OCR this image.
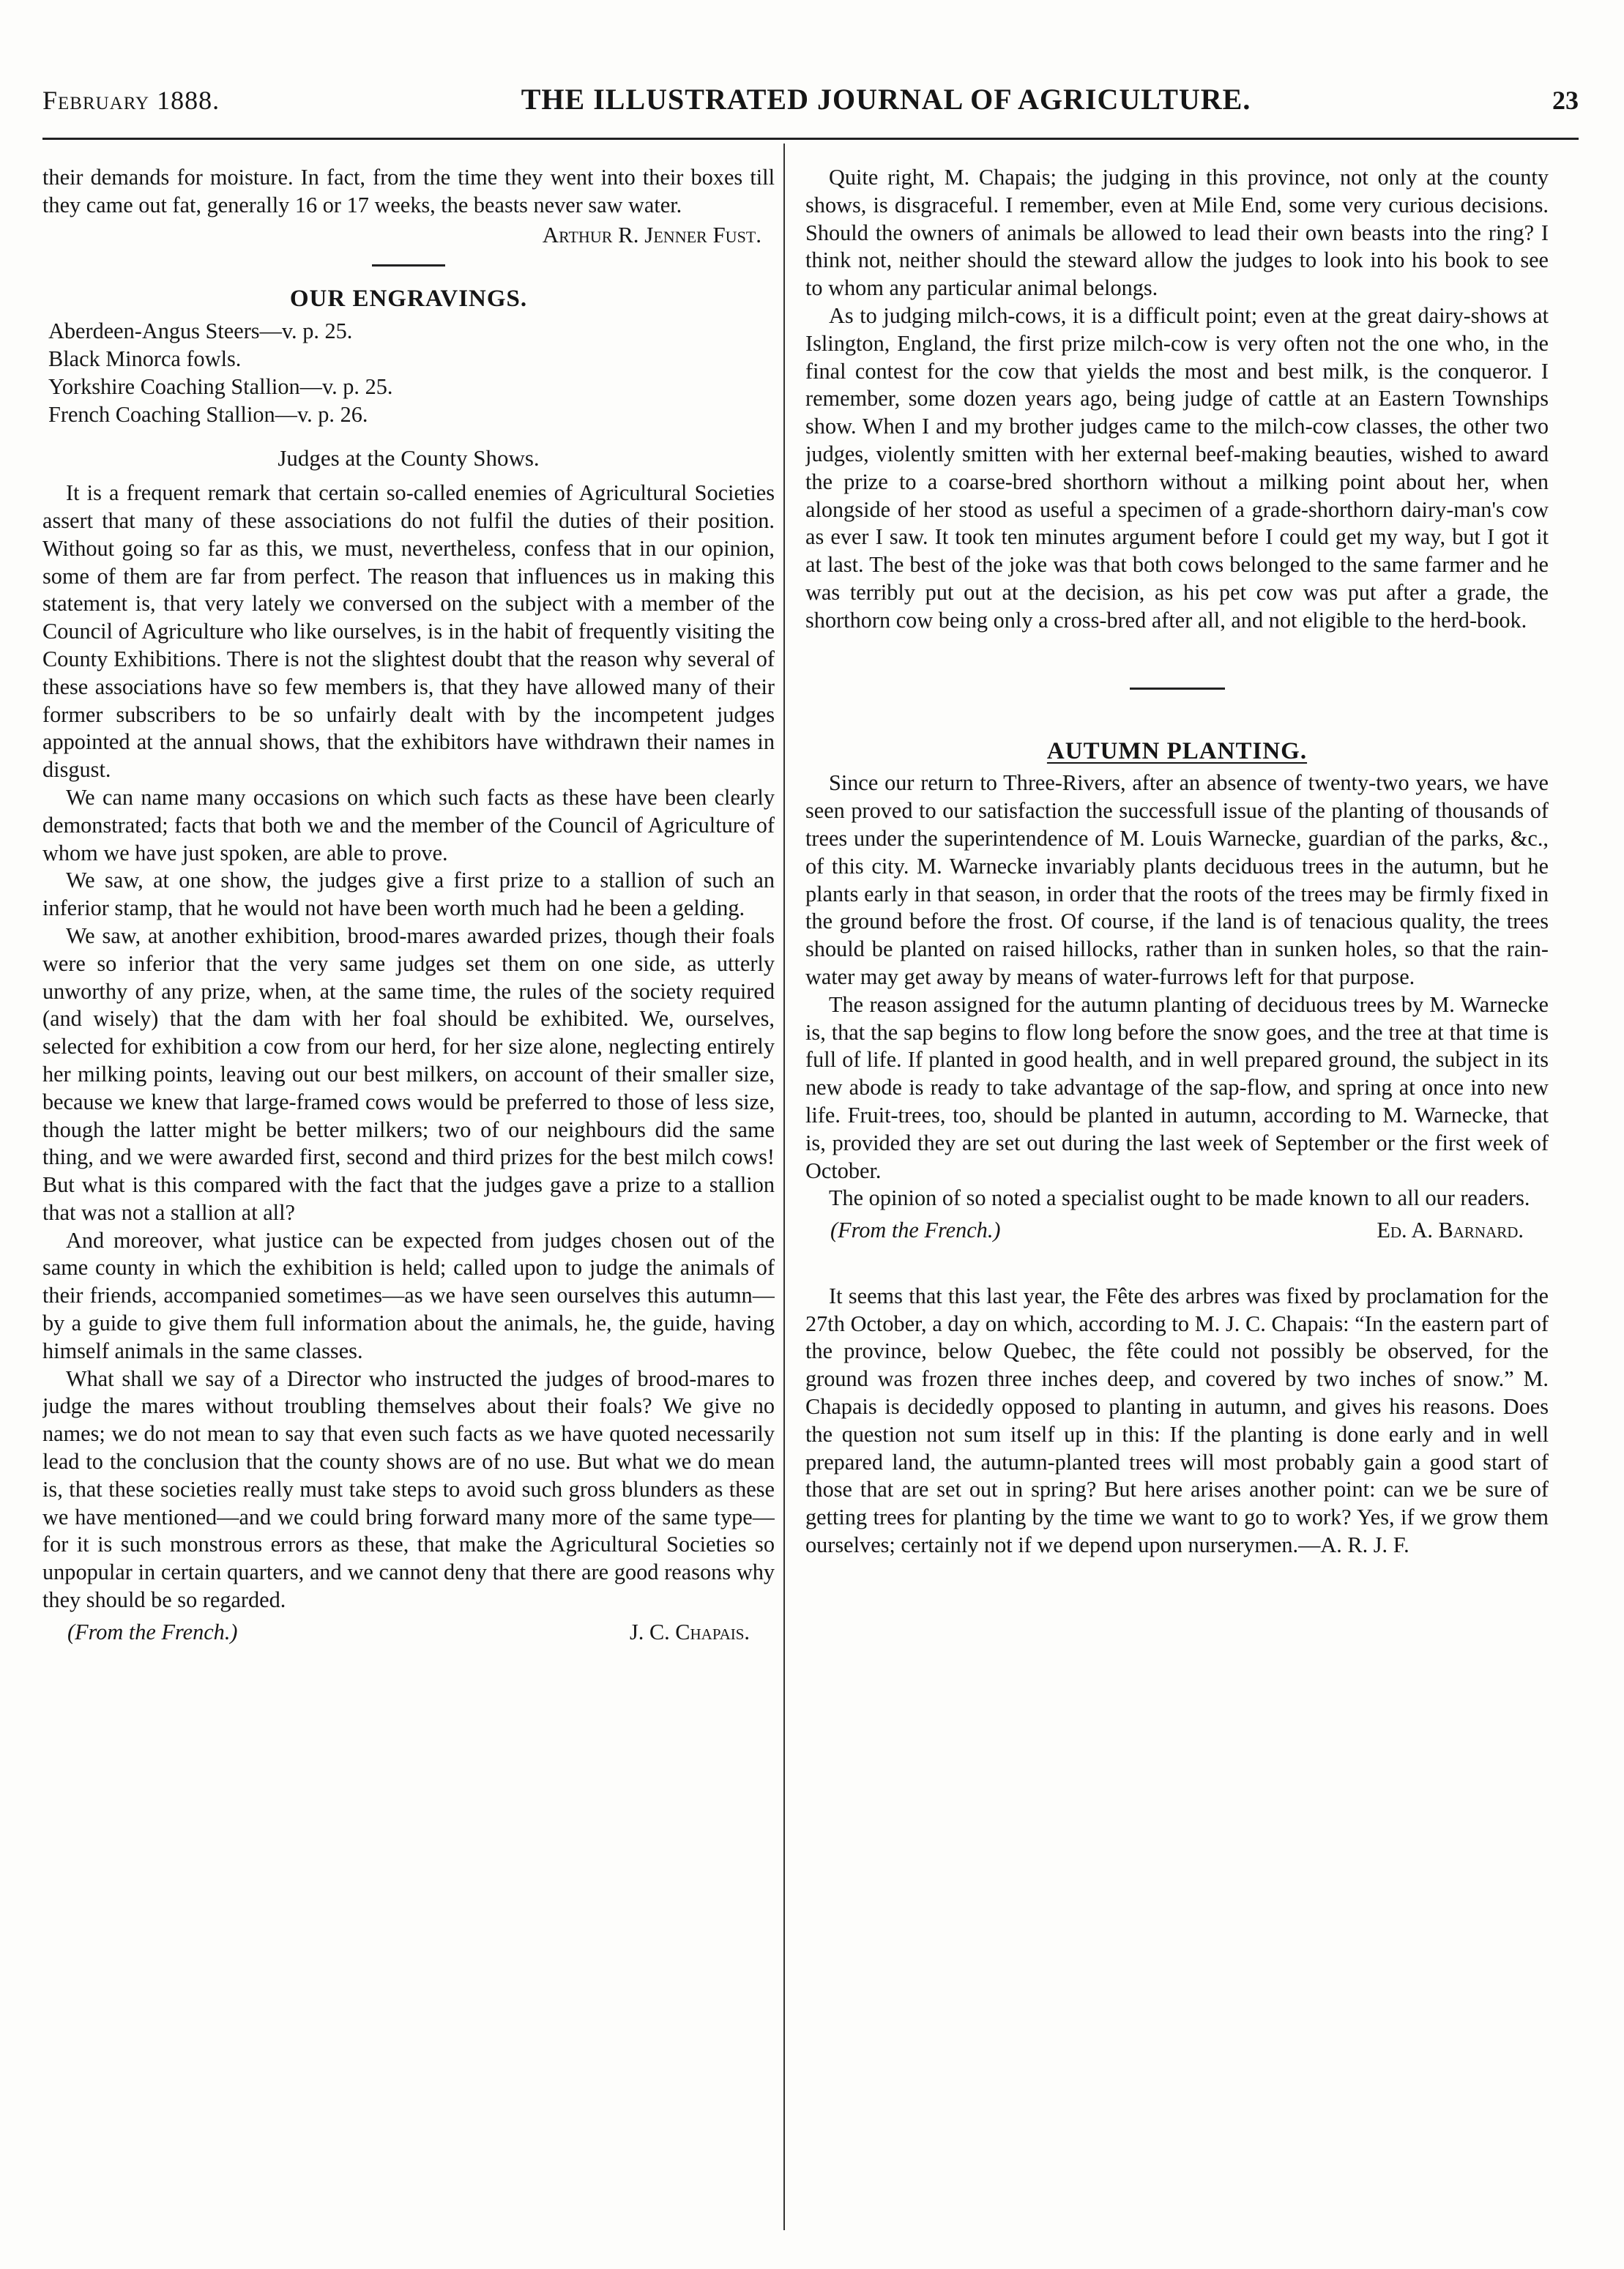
February 1888.	THE ILLUSTRATED JOURNAL OF AGRICULTURE.	23

their demands for moisture. In fact, from the time they went into their boxes till they came out fat, generally 16 or 17 weeks, the beasts never saw water.

Arthur R. Jenner Fust.
OUR ENGRAVINGS.
Aberdeen-Angus Steers—v. p. 25.
Black Minorca fowls.
Yorkshire Coaching Stallion—v. p. 25.
French Coaching Stallion—v. p. 26.
Judges at the County Shows.

It is a frequent remark that certain so-called enemies of Agricultural Societies assert that many of these associations do not fulfil the duties of their position. Without going so far as this, we must, nevertheless, confess that in our opinion, some of them are far from perfect. The reason that influences us in making this statement is, that very lately we conversed on the subject with a member of the Council of Agriculture who like ourselves, is in the habit of frequently visiting the County Exhibitions. There is not the slightest doubt that the reason why several of these associations have so few members is, that they have allowed many of their former subscribers to be so unfairly dealt with by the incompetent judges appointed at the annual shows, that the exhibitors have withdrawn their names in disgust.

We can name many occasions on which such facts as these have been clearly demonstrated; facts that both we and the member of the Council of Agriculture of whom we have just spoken, are able to prove.

We saw, at one show, the judges give a first prize to a stallion of such an inferior stamp, that he would not have been worth much had he been a gelding.

We saw, at another exhibition, brood-mares awarded prizes, though their foals were so inferior that the very same judges set them on one side, as utterly unworthy of any prize, when, at the same time, the rules of the society required (and wisely) that the dam with her foal should be exhibited. We, ourselves, selected for exhibition a cow from our herd, for her size alone, neglecting entirely her milking points, leaving out our best milkers, on account of their smaller size, because we knew that large-framed cows would be preferred to those of less size, though the latter might be better milkers; two of our neighbours did the same thing, and we were awarded first, second and third prizes for the best milch cows! But what is this compared with the fact that the judges gave a prize to a stallion that was not a stallion at all?

And moreover, what justice can be expected from judges chosen out of the same county in which the exhibition is held; called upon to judge the animals of their friends, accompanied sometimes—as we have seen ourselves this autumn—by a guide to give them full information about the animals, he, the guide, having himself animals in the same classes.

What shall we say of a Director who instructed the judges of brood-mares to judge the mares without troubling themselves about their foals? We give no names; we do not mean to say that even such facts as we have quoted necessarily lead to the conclusion that the county shows are of no use. But what we do mean is, that these societies really must take steps to avoid such gross blunders as these we have mentioned—and we could bring forward many more of the same type—for it is such monstrous errors as these, that make the Agricultural Societies so unpopular in certain quarters, and we cannot deny that there are good reasons why they should be so regarded.

(From the French.)	J. C. Chapais.

Quite right, M. Chapais; the judging in this province, not only at the county shows, is disgraceful. I remember, even at Mile End, some very curious decisions. Should the owners of animals be allowed to lead their own beasts into the ring? I think not, neither should the steward allow the judges to look into his book to see to whom any particular animal belongs.

As to judging milch-cows, it is a difficult point; even at the great dairy-shows at Islington, England, the first prize milch-cow is very often not the one who, in the final contest for the cow that yields the most and best milk, is the conqueror. I remember, some dozen years ago, being judge of cattle at an Eastern Townships show. When I and my brother judges came to the milch-cow classes, the other two judges, violently smitten with her external beef-making beauties, wished to award the prize to a coarse-bred shorthorn without a milking point about her, when alongside of her stood as useful a specimen of a grade-shorthorn dairy-man's cow as ever I saw. It took ten minutes argument before I could get my way, but I got it at last. The best of the joke was that both cows belonged to the same farmer and he was terribly put out at the decision, as his pet cow was put after a grade, the shorthorn cow being only a cross-bred after all, and not eligible to the herd-book.

AUTUMN PLANTING.

Since our return to Three-Rivers, after an absence of twenty-two years, we have seen proved to our satisfaction the successfull issue of the planting of thousands of trees under the superintendence of M. Louis Warnecke, guardian of the parks, &c., of this city. M. Warnecke invariably plants deciduous trees in the autumn, but he plants early in that season, in order that the roots of the trees may be firmly fixed in the ground before the frost. Of course, if the land is of tenacious quality, the trees should be planted on raised hillocks, rather than in sunken holes, so that the rain-water may get away by means of water-furrows left for that purpose.

The reason assigned for the autumn planting of deciduous trees by M. Warnecke is, that the sap begins to flow long before the snow goes, and the tree at that time is full of life. If planted in good health, and in well prepared ground, the subject in its new abode is ready to take advantage of the sap-flow, and spring at once into new life. Fruit-trees, too, should be planted in autumn, according to M. Warnecke, that is, provided they are set out during the last week of September or the first week of October.

The opinion of so noted a specialist ought to be made known to all our readers.

(From the French.)	Ed. A. Barnard.

It seems that this last year, the Fête des arbres was fixed by proclamation for the 27th October, a day on which, according to M. J. C. Chapais: “In the eastern part of the province, below Quebec, the fête could not possibly be observed, for the ground was frozen three inches deep, and covered by two inches of snow.” M. Chapais is decidedly opposed to planting in autumn, and gives his reasons. Does the question not sum itself up in this: If the planting is done early and in well prepared land, the autumn-planted trees will most probably gain a good start of those that are set out in spring? But here arises another point: can we be sure of getting trees for planting by the time we want to go to work? Yes, if we grow them ourselves; certainly not if we depend upon nurserymen.—A. R. J. F.
